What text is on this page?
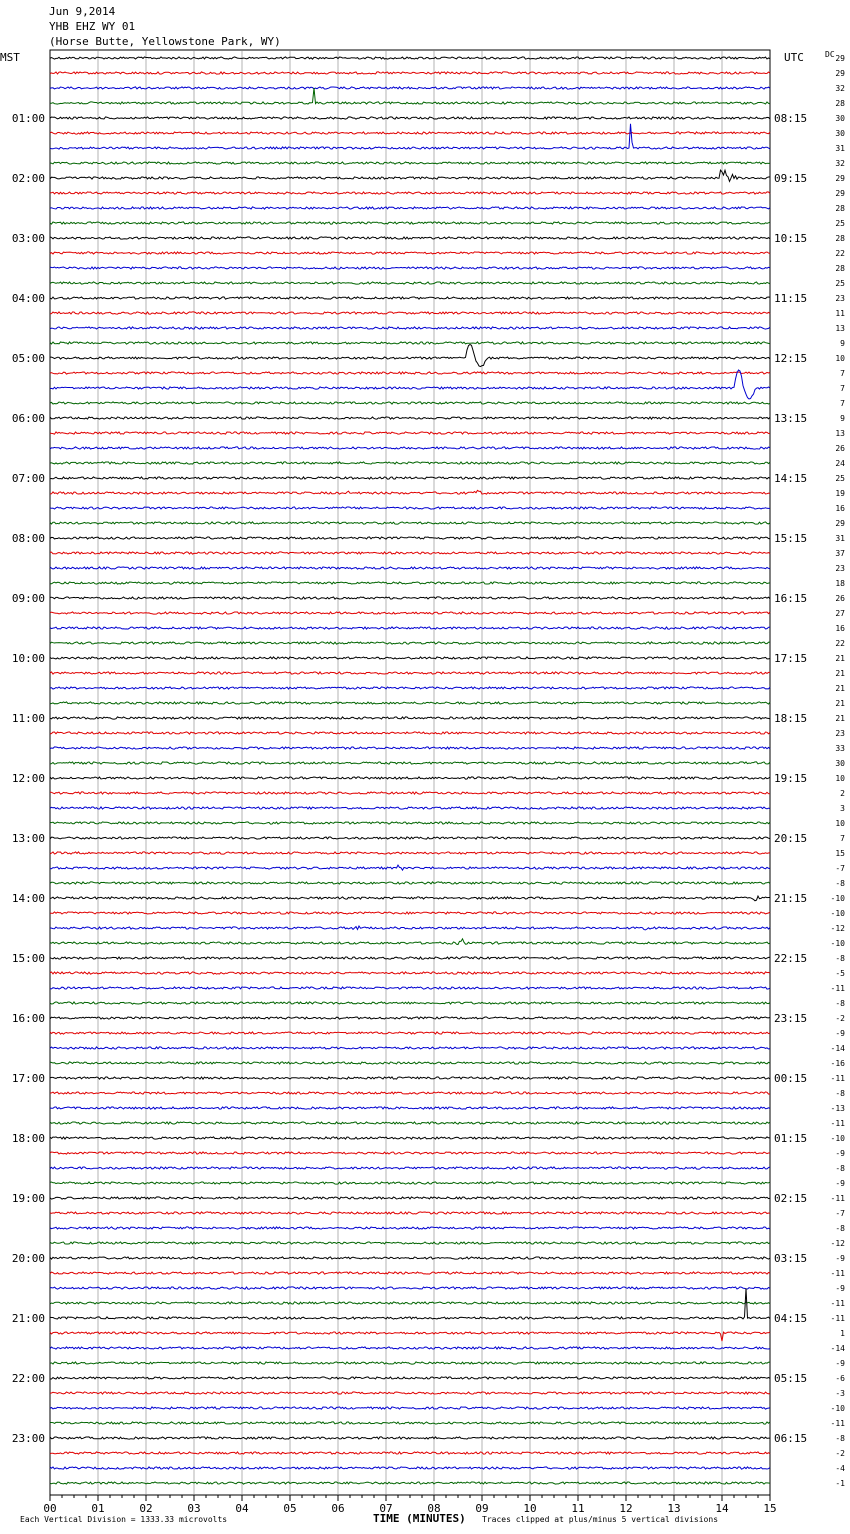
Jun 9,2014
YHB EHZ WY 01
(Horse Butte, Yellowstone Park, WY)
00	01	02	03	04	05	06	07	08	09	10	11	12	13	14	15
MST	UTC	DC 29
29
32
28
30
01:00	08:15
30
31
32
29
02:00	09:15
29
28
25
28
03:00	10:15
22
28
25
23
04:00	11:15
11
13
9
10
05:00	12:15
7
7
7
9
06:00	13:15
13
26
24
25
07:00	14:15
19
16
29
31
08:00	15:15
37
23
18
26
09:00	16:15
27
16
22
21
10:00	17:15
21
21
21
21
11:00	18:15
23
33
30
10
12:00	19:15
2
3
10
7
13:00	20:15
15
-7
-8
-10
14:00	21:15
-10
-12
-10
-8
15:00	22:15
-5
-11
-8
-2
16:00	23:15
-9
-14
-16
-11
17:00	00:15
-8
-13
-11
-10
18:00	01:15
-9
-8
-9
-11
19:00	02:15
-7
-8
-12
-9
20:00	03:15
-11
-9
-11
-11
21:00	04:15
1
-14
-9
-6
22:00	05:15
-3
-10
-11
-8
23:00	06:15
-2
-4
-1
Each Vertical Division = 1333.33 microvolts	TIME (MINUTES) Traces clipped at plus/minus 5 vertical divisions
